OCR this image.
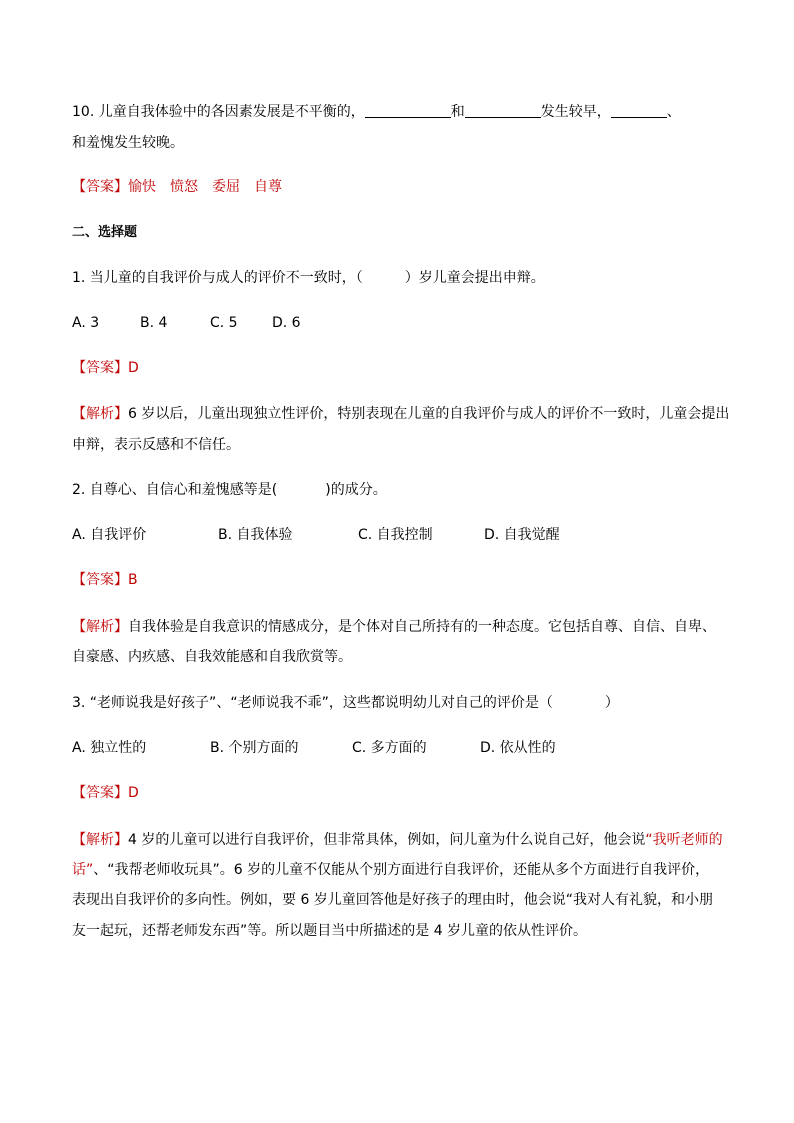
10. 儿童自我体验中的各因素发展是不平衡的，	和	发生较早，	、
和羞愧发生较晚。
【答案】愉快　愤怒　委屈　自尊
二、选择题
1. 当儿童的自我评价与成人的评价不一致时，（	）岁儿童会提出申辩。
A. 3	B. 4	C. 5 D. 6
【答案】D
【解析】6 岁以后，儿童出现独立性评价，特别表现在儿童的自我评价与成人的评价不一致时，儿童会提出
申辩，表示反感和不信任。
2. 自尊心、自信心和羞愧感等是(	)的成分。
A. 自我评价	B. 自我体验	C. 自我控制	D. 自我觉醒
【答案】B
【解析】自我体验是自我意识的情感成分，是个体对自己所持有的一种态度。它包括自尊、自信、自卑、
自豪感、内疚感、自我效能感和自我欣赏等。
3. “老师说我是好孩子”、“老师说我不乖”，这些都说明幼儿对自己的评价是（	）
A. 独立性的	B. 个别方面的	C. 多方面的	D. 依从性的
【答案】D
【解析】4 岁的儿童可以进行自我评价，但非常具体，例如，问儿童为什么说自己好，他会说“我听老师的
话”、“我帮老师收玩具”。6 岁的儿童不仅能从个别方面进行自我评价，还能从多个方面进行自我评价，
表现出自我评价的多向性。例如，要 6 岁儿童回答他是好孩子的理由时，他会说“我对人有礼貌，和小朋
友一起玩，还帮老师发东西”等。所以题目当中所描述的是 4 岁儿童的依从性评价。
